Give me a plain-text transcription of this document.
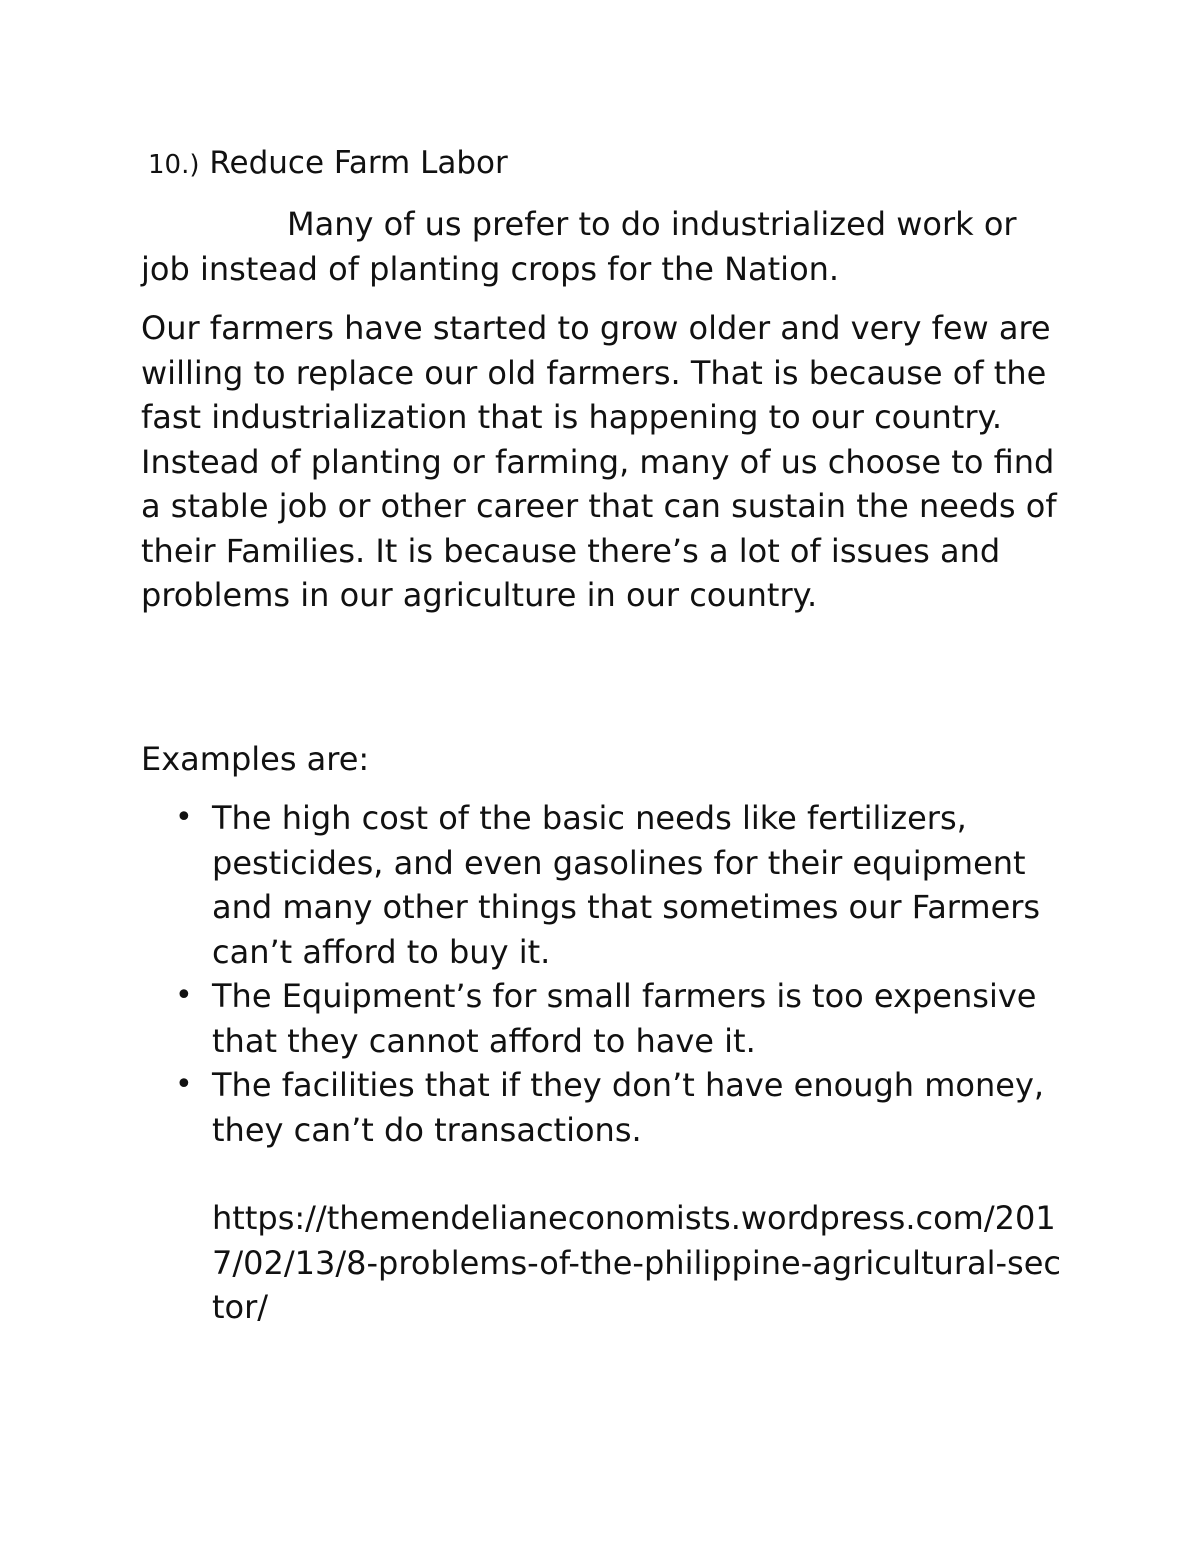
10.) Reduce Farm Labor

Many of us prefer to do industrialized work or job instead of planting crops for the Nation.

Our farmers have started to grow older and very few are willing to replace our old farmers. That is because of the fast industrialization that is happening to our country. Instead of planting or farming, many of us choose to find a stable job or other career that can sustain the needs of their Families. It is because there’s a lot of issues and problems in our agriculture in our country.

Examples are:

• The high cost of the basic needs like fertilizers, pesticides, and even gasolines for their equipment and many other things that sometimes our Farmers can’t afford to buy it.
• The Equipment’s for small farmers is too expensive that they cannot afford to have it.
• The facilities that if they don’t have enough money, they can’t do transactions.

https://themendelianeconomists.wordpress.com/2017/02/13/8-problems-of-the-philippine-agricultural-sector/
